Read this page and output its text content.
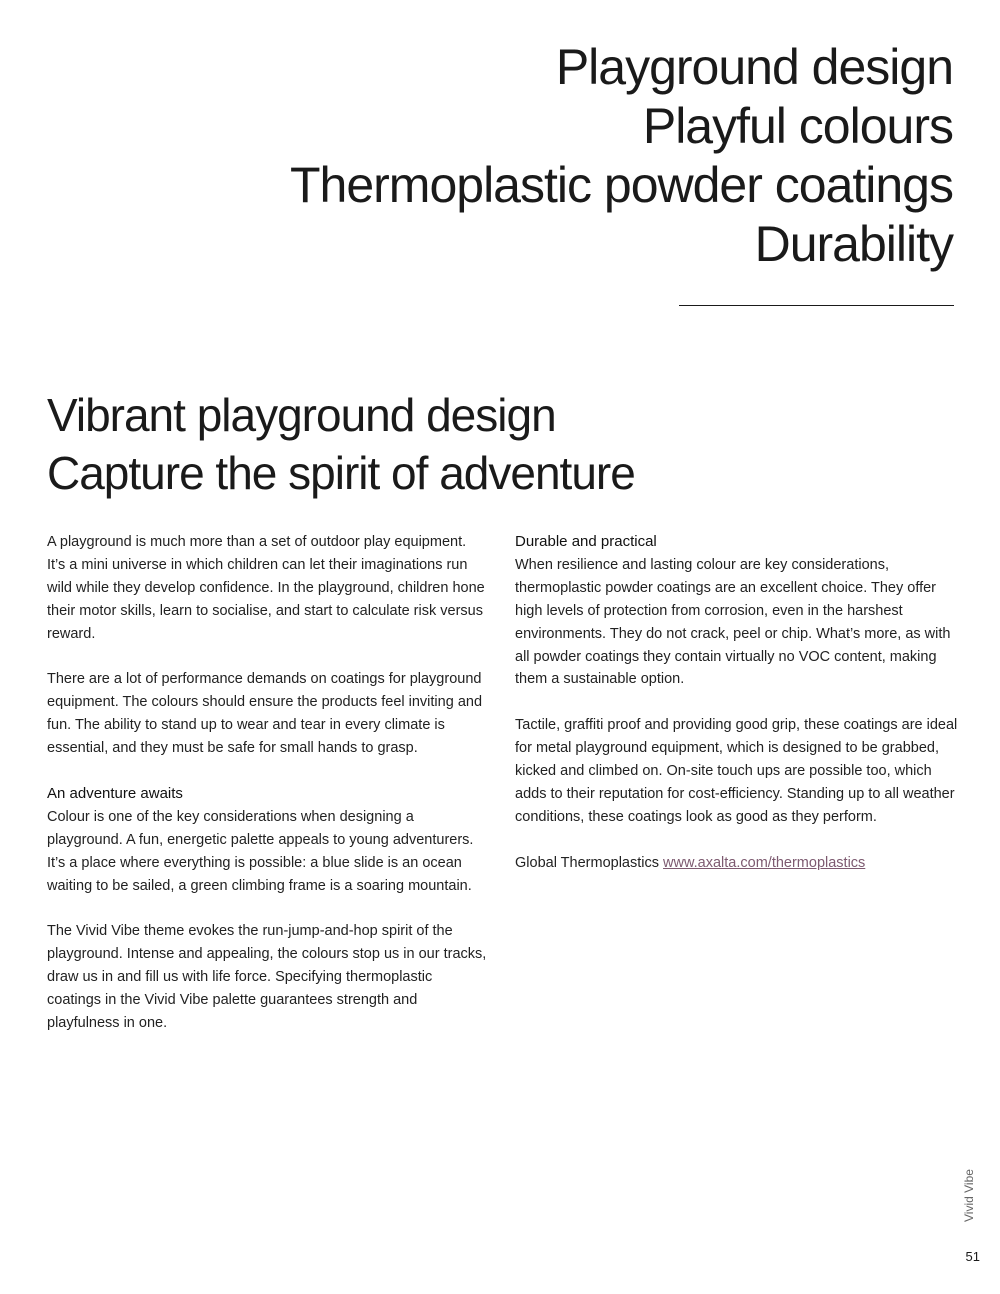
Playground design
Playful colours
Thermoplastic powder coatings
Durability
Vibrant playground design
Capture the spirit of adventure

A playground is much more than a set of outdoor play equipment. It’s a mini universe in which children can let their imaginations run wild while they develop confidence. In the playground, children hone their motor skills, learn to socialise, and start to calculate risk versus reward.

There are a lot of performance demands on coatings for playground equipment. The colours should ensure the products feel inviting and fun. The ability to stand up to wear and tear in every climate is essential, and they must be safe for small hands to grasp.

An adventure awaits

Colour is one of the key considerations when designing a playground. A fun, energetic palette appeals to young adventurers. It’s a place where everything is possible: a blue slide is an ocean waiting to be sailed, a green climbing frame is a soaring mountain.

The Vivid Vibe theme evokes the run-jump-and-hop spirit of the playground. Intense and appealing, the colours stop us in our tracks, draw us in and fill us with life force. Specifying thermoplastic coatings in the Vivid Vibe palette guarantees strength and playfulness in one.

Durable and practical

When resilience and lasting colour are key considerations, thermoplastic powder coatings are an excellent choice. They offer high levels of protection from corrosion, even in the harshest environments. They do not crack, peel or chip. What’s more, as with all powder coatings they contain virtually no VOC content, making them a sustainable option.

Tactile, graffiti proof and providing good grip, these coatings are ideal for metal playground equipment, which is designed to be grabbed, kicked and climbed on. On-site touch ups are possible too, which adds to their reputation for cost-efficiency. Standing up to all weather conditions, these coatings look as good as they perform.

Global Thermoplastics www.axalta.com/thermoplastics

Vivid Vibe
51
